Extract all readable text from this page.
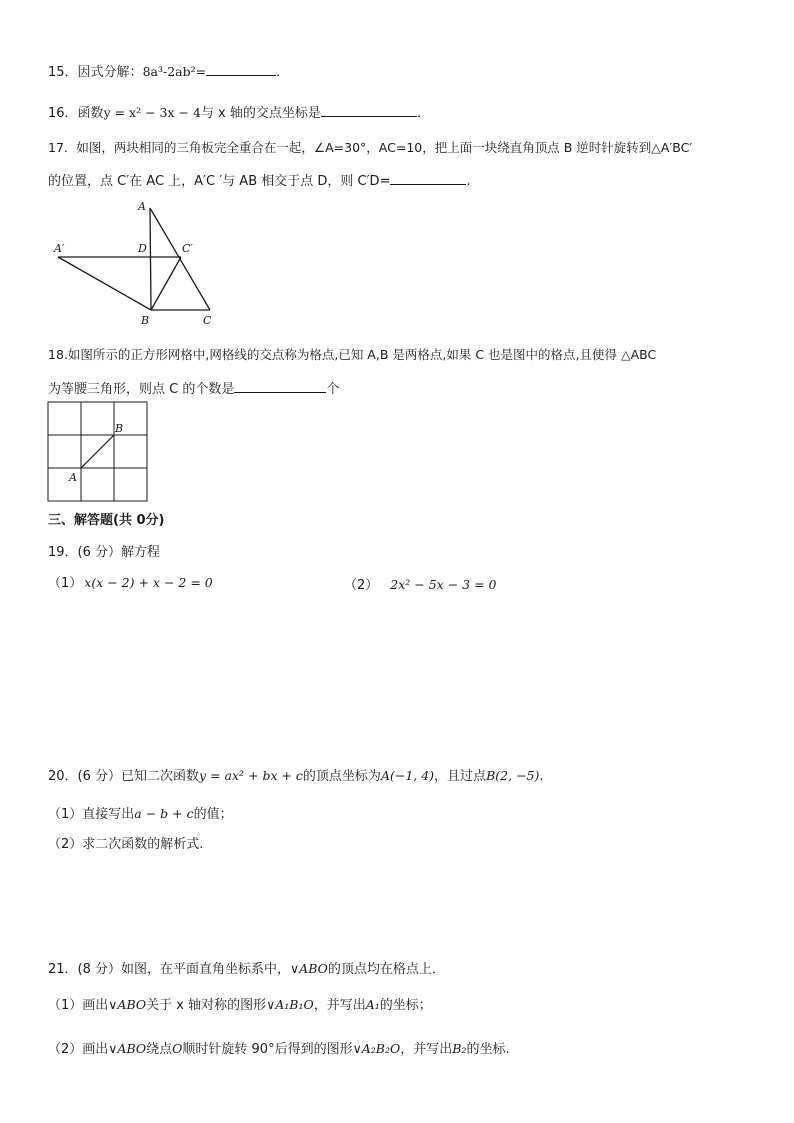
15．因式分解：8a³-2ab²=	．
16．函数y = x² − 3x − 4与 x 轴的交点坐标是	．
17．如图，两块相同的三角板完全重合在一起，∠A=30°，AC=10，把上面一块绕直角顶点 B 逆时针旋转到△A′BC′
的位置，点 C′在 AC 上，A′C ′与 AB 相交于点 D，则 C′D=	.
A
A′	D	C′
B	C
18.如图所示的正方形网格中,网格线的交点称为格点,已知 A,B 是两格点,如果 C 也是图中的格点,且使得 △ABC
为等腰三角形，则点 C 的个数是	个
A
B
三、解答题(共 0分)
19．(6 分）解方程
（1） x(x − 2) + x − 2 = 0	（2） 2x² − 5x − 3 = 0
20．(6 分）已知二次函数y = ax² + bx + c的顶点坐标为A(−1, 4)，且过点B(2, −5).
（1）直接写出a − b + c的值；
（2）求二次函数的解析式.
21．(8 分）如图，在平面直角坐标系中，∨ABO的顶点均在格点上．
（1）画出∨ABO关于 x 轴对称的图形∨A₁B₁O，并写出A₁的坐标；
（2）画出∨ABO绕点O顺时针旋转 90°后得到的图形∨A₂B₂O，并写出B₂的坐标.
